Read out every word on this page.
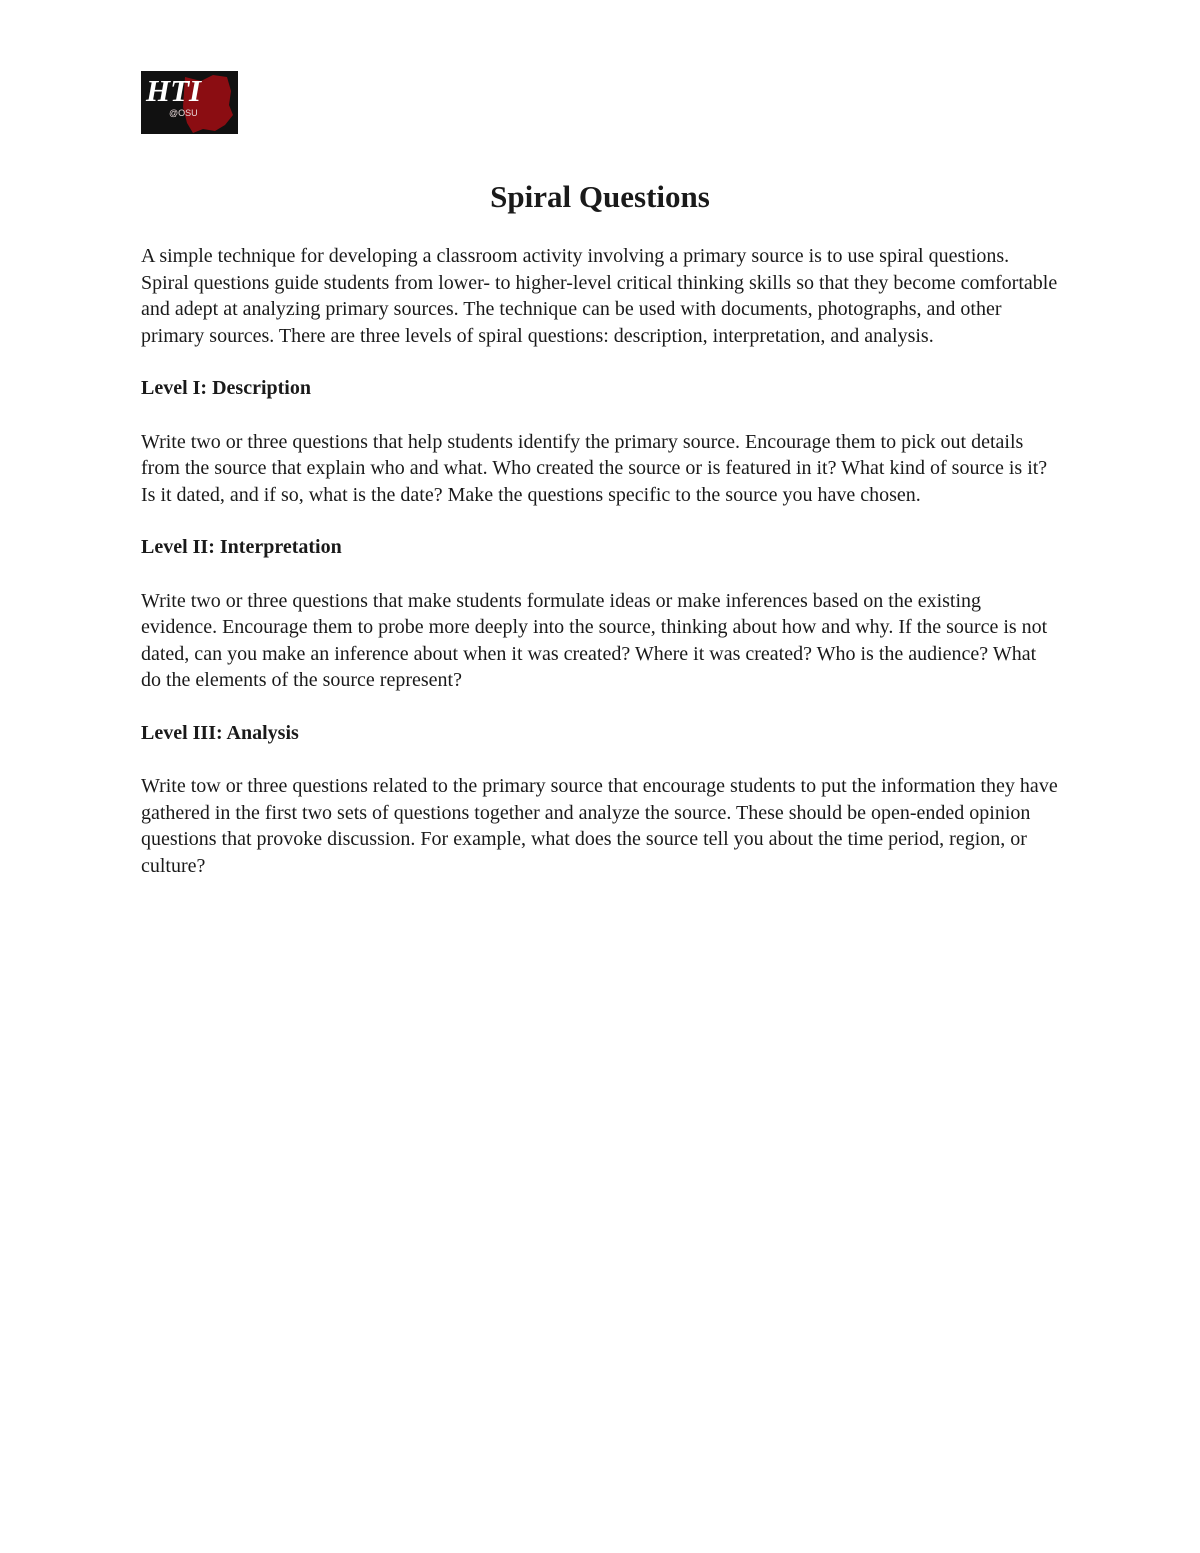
HTI
@OSU
Spiral Questions

A simple technique for developing a classroom activity involving a primary source is to use spiral questions. Spiral questions guide students from lower- to higher-level critical thinking skills so that they become comfortable and adept at analyzing primary sources. The technique can be used with documents, photographs, and other primary sources. There are three levels of spiral questions: description, interpretation, and analysis.

Level I: Description

Write two or three questions that help students identify the primary source. Encourage them to pick out details from the source that explain who and what. Who created the source or is featured in it? What kind of source is it? Is it dated, and if so, what is the date? Make the questions specific to the source you have chosen.

Level II: Interpretation

Write two or three questions that make students formulate ideas or make inferences based on the existing evidence. Encourage them to probe more deeply into the source, thinking about how and why. If the source is not dated, can you make an inference about when it was created? Where it was created? Who is the audience? What do the elements of the source represent?

Level III: Analysis

Write tow or three questions related to the primary source that encourage students to put the information they have gathered in the first two sets of questions together and analyze the source. These should be open-ended opinion questions that provoke discussion. For example, what does the source tell you about the time period, region, or culture?
